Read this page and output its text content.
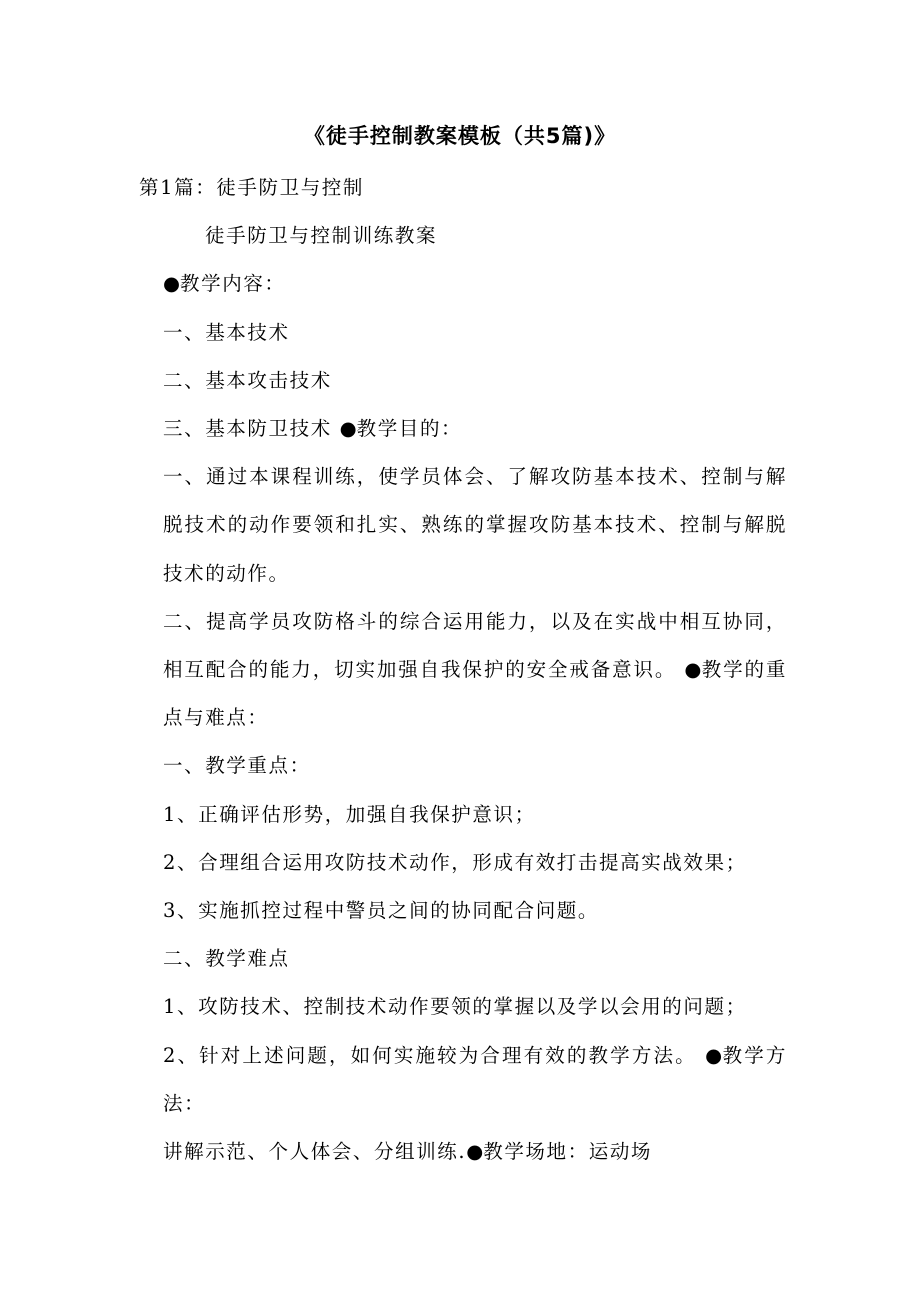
《徒手控制教案模板（共5篇)》

第1篇：徒手防卫与控制

徒手防卫与控制训练教案

●教学内容：

一、基本技术

二、基本攻击技术

三、基本防卫技术 ●教学目的：

一、通过本课程训练，使学员体会、了解攻防基本技术、控制与解脱技术的动作要领和扎实、熟练的掌握攻防基本技术、控制与解脱技术的动作。

二、提高学员攻防格斗的综合运用能力，以及在实战中相互协同，相互配合的能力，切实加强自我保护的安全戒备意识。 ●教学的重点与难点：

一、教学重点：

1、正确评估形势，加强自我保护意识；

2、合理组合运用攻防技术动作，形成有效打击提高实战效果；

3、实施抓控过程中警员之间的协同配合问题。

二、教学难点

1、攻防技术、控制技术动作要领的掌握以及学以会用的问题；

2、针对上述问题，如何实施较为合理有效的教学方法。 ●教学方法：

讲解示范、个人体会、分组训练.●教学场地：运动场
